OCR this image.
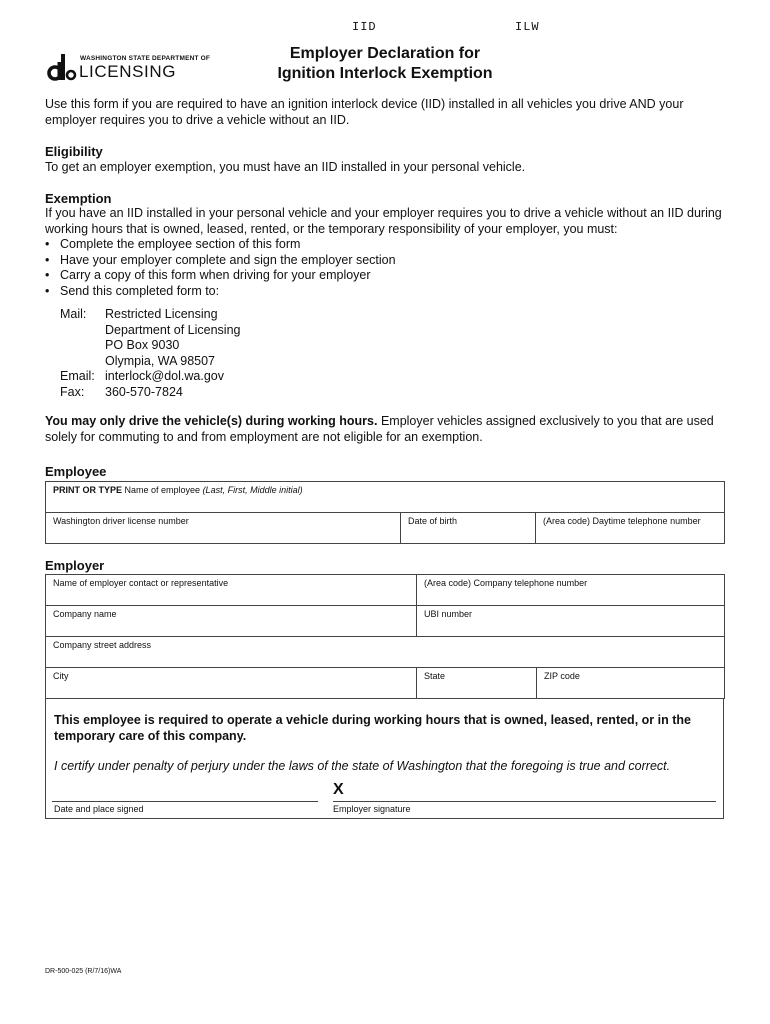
IID	ILW
WASHINGTON STATE DEPARTMENT OF
LICENSING
Employer Declaration for
Ignition Interlock Exemption
Use this form if you are required to have an ignition interlock device (IID) installed in all vehicles you drive AND your employer requires you to drive a vehicle without an IID.
Eligibility
To get an employer exemption, you must have an IID installed in your personal vehicle.
Exemption
If you have an IID installed in your personal vehicle and your employer requires you to drive a vehicle without an IID during working hours that is owned, leased, rented, or the temporary responsibility of your employer, you must:
• Complete the employee section of this form
• Have your employer complete and sign the employer section
• Carry a copy of this form when driving for your employer
• Send this completed form to:
Mail:	Restricted Licensing
Department of Licensing
PO Box 9030
Olympia, WA 98507
Email: interlock@dol.wa.gov
Fax:	360-570-7824
You may only drive the vehicle(s) during working hours. Employer vehicles assigned exclusively to you that are used solely for commuting to and from employment are not eligible for an exemption.
Employee
PRINT OR TYPE Name of employee (Last, First, Middle initial)
Washington driver license number	Date of birth	(Area code) Daytime telephone number
Employer
Name of employer contact or representative	(Area code) Company telephone number	
Company name	UBI number	
Company street address		
City	State	ZIP code
This employee is required to operate a vehicle during working hours that is owned, leased, rented, or in the temporary care of this company.
I certify under penalty of perjury under the laws of the state of Washington that the foregoing is true and correct.
X
Date and place signed	Employer signature
DR-500-025 (R/7/16)WA
